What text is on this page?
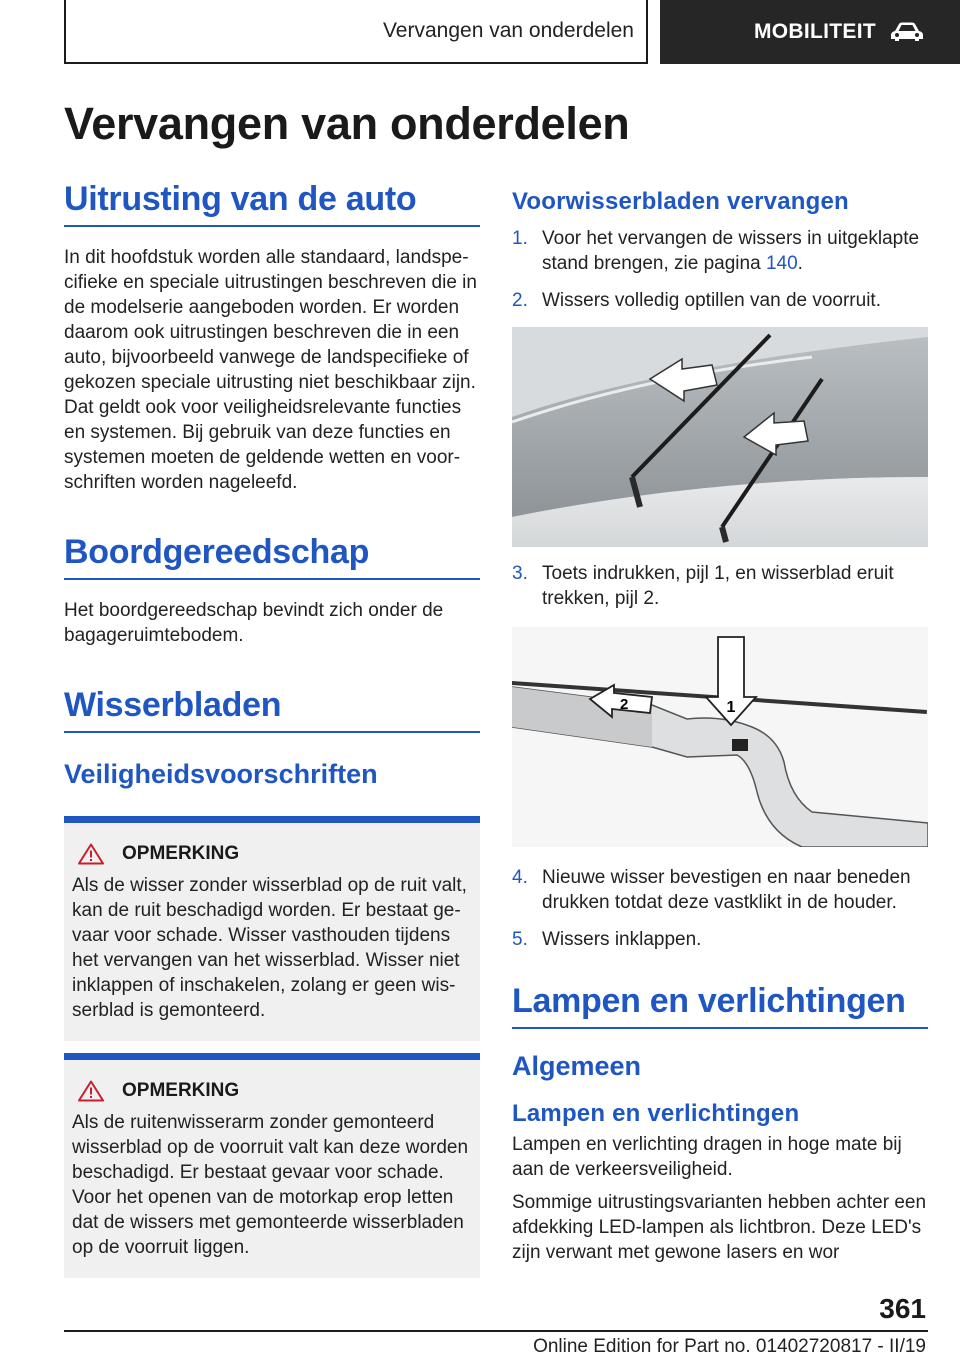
Vervangen van onderdelen	MOBILITEIT
Vervangen van onderdelen
Uitrusting van de auto

In dit hoofdstuk worden alle standaard, landspecifieke en speciale uitrustingen beschreven die in de modelserie aangeboden worden. Er worden daarom ook uitrustingen beschreven die in een auto, bijvoorbeeld vanwege de landspecifieke of gekozen speciale uitrusting niet beschikbaar zijn. Dat geldt ook voor veiligheidsrelevante functies en systemen. Bij gebruik van deze functies en systemen moeten de geldende wetten en voorschriften worden nageleefd.

Boordgereedschap

Het boordgereedschap bevindt zich onder de bagageruimtebodem.

Wisserbladen
Veiligheidsvoorschriften
OPMERKING

Als de wisser zonder wisserblad op de ruit valt, kan de ruit beschadigd worden. Er bestaat gevaar voor schade. Wisser vasthouden tijdens het vervangen van het wisserblad. Wisser niet inklappen of inschakelen, zolang er geen wisserblad is gemonteerd.

OPMERKING

Als de ruitenwisserarm zonder gemonteerd wisserblad op de voorruit valt kan deze worden beschadigd. Er bestaat gevaar voor schade. Voor het openen van de motorkap erop letten dat de wissers met gemonteerde wisserbladen op de voorruit liggen.

Voorwisserbladen vervangen
1. Voor het vervangen de wissers in uitgeklapte stand brengen, zie pagina 140.
2. Wissers volledig optillen van de voorruit.
3. Toets indrukken, pijl 1, en wisserblad eruit trekken, pijl 2.
1
2
4. Nieuwe wisser bevestigen en naar beneden drukken totdat deze vastklikt in de houder.
5. Wissers inklappen.
Lampen en verlichtingen
Algemeen
Lampen en verlichtingen

Lampen en verlichting dragen in hoge mate bij aan de verkeersveiligheid.

Sommige uitrustingsvarianten hebben achter een afdekking LED-lampen als lichtbron. Deze LED's zijn verwant met gewone lasers en wor

361
Online Edition for Part no. 01402720817 - II/19
